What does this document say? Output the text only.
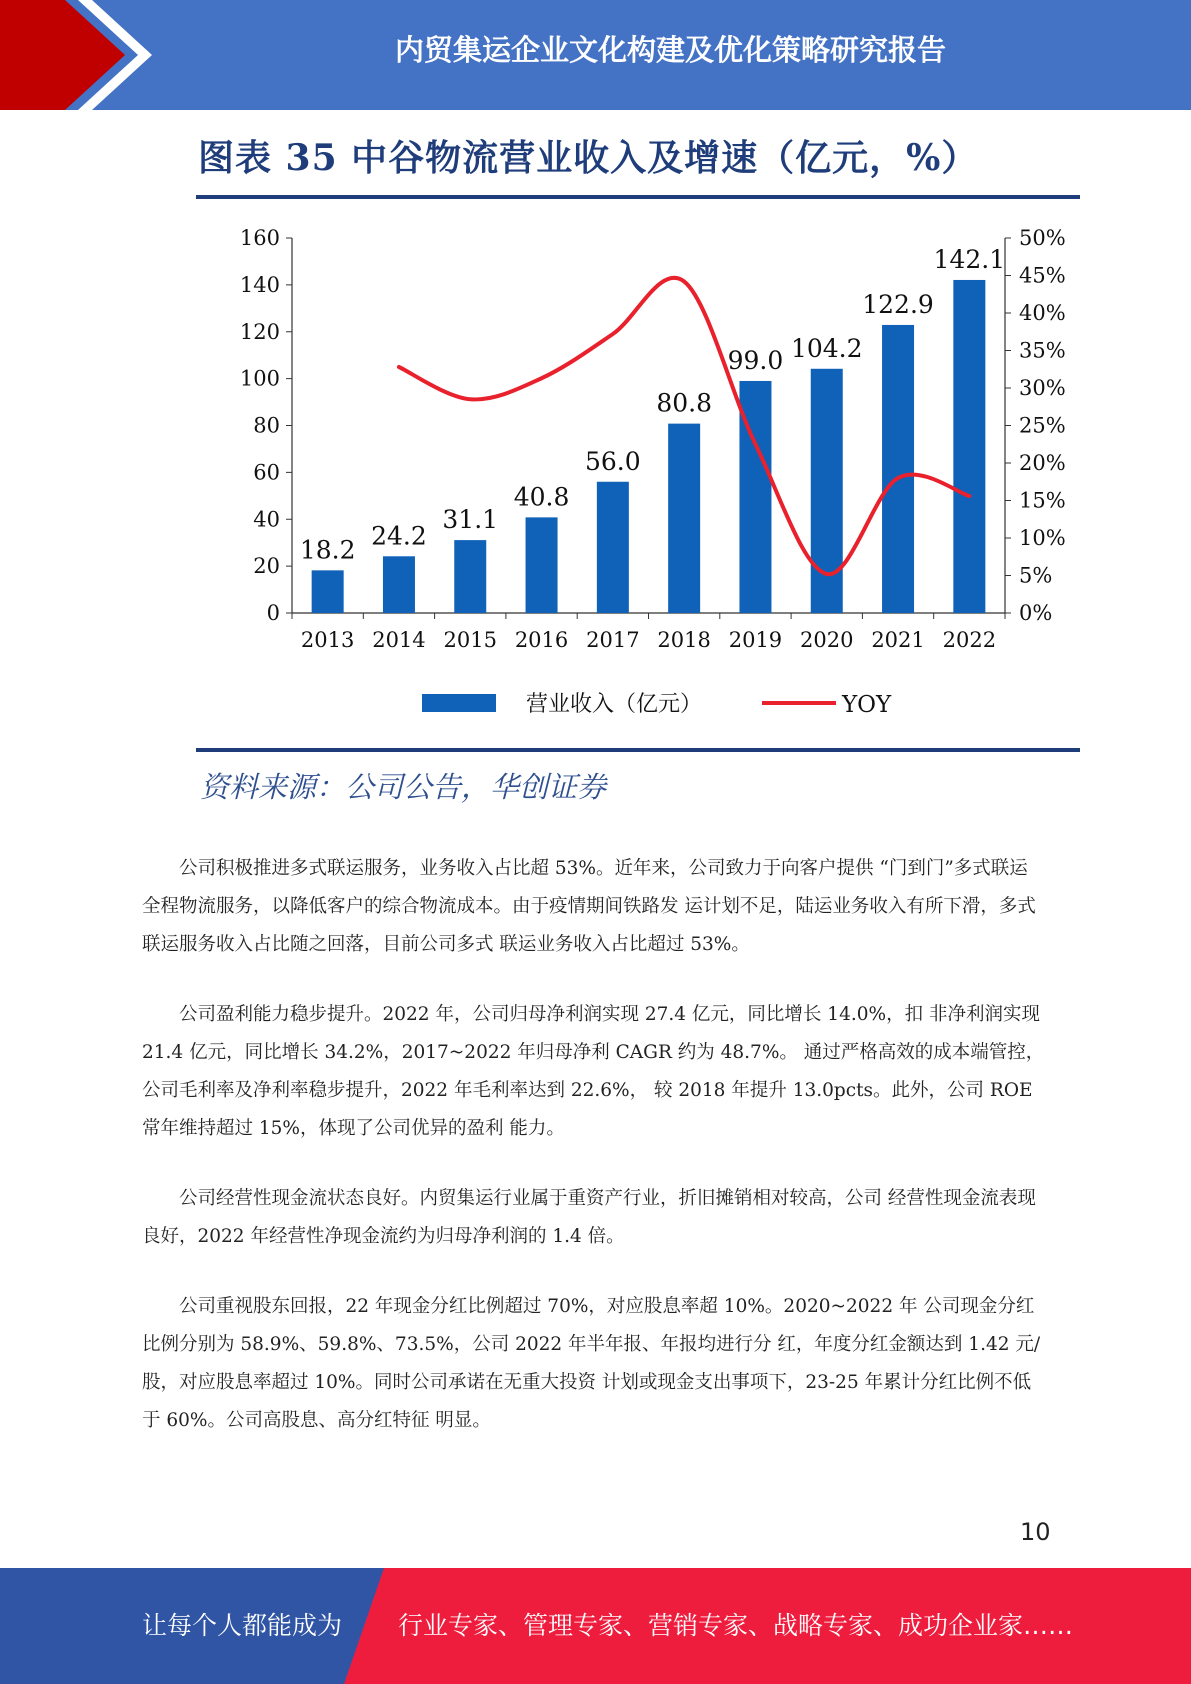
内贸集运企业文化构建及优化策略研究报告
图表 35 中谷物流营业收入及增速（亿元，%）
0
20
40
60
80
100
120
140
160
0%
5%
10%
15%
20%
25%
30%
35%
40%
45%
50%
2013 2014 2015 2016 2017 2018 2019 2020 2021 2022
18.2 24.2
31.1
40.8
56.0
80.8
99.0 104.2
122.9
142.1
营业收入（亿元）	YOY
资料来源：公司公告，华创证券

公司积极推进多式联运服务，业务收入占比超 53%。近年来，公司致力于向客户提供 “门到门”多式联运全程物流服务，以降低客户的综合物流成本。由于疫情期间铁路发 运计划不足，陆运业务收入有所下滑，多式联运服务收入占比随之回落，目前公司多式 联运业务收入占比超过 53%。

公司盈利能力稳步提升。2022 年，公司归母净利润实现 27.4 亿元，同比增长 14.0%，扣 非净利润实现 21.4 亿元，同比增长 34.2%，2017~2022 年归母净利 CAGR 约为 48.7%。 通过严格高效的成本端管控，公司毛利率及净利率稳步提升，2022 年毛利率达到 22.6%， 较 2018 年提升 13.0pcts。此外，公司 ROE 常年维持超过 15%，体现了公司优异的盈利 能力。

公司经营性现金流状态良好。内贸集运行业属于重资产行业，折旧摊销相对较高，公司 经营性现金流表现良好，2022 年经营性净现金流约为归母净利润的 1.4 倍。

公司重视股东回报，22 年现金分红比例超过 70%，对应股息率超 10%。2020~2022 年 公司现金分红比例分别为 58.9%、59.8%、73.5%，公司 2022 年半年报、年报均进行分 红，年度分红金额达到 1.42 元/股，对应股息率超过 10%。同时公司承诺在无重大投资 计划或现金支出事项下，23-25 年累计分红比例不低于 60%。公司高股息、高分红特征 明显。

10
让每个人都能成为 行业专家、管理专家、营销专家、战略专家、成功企业家……
